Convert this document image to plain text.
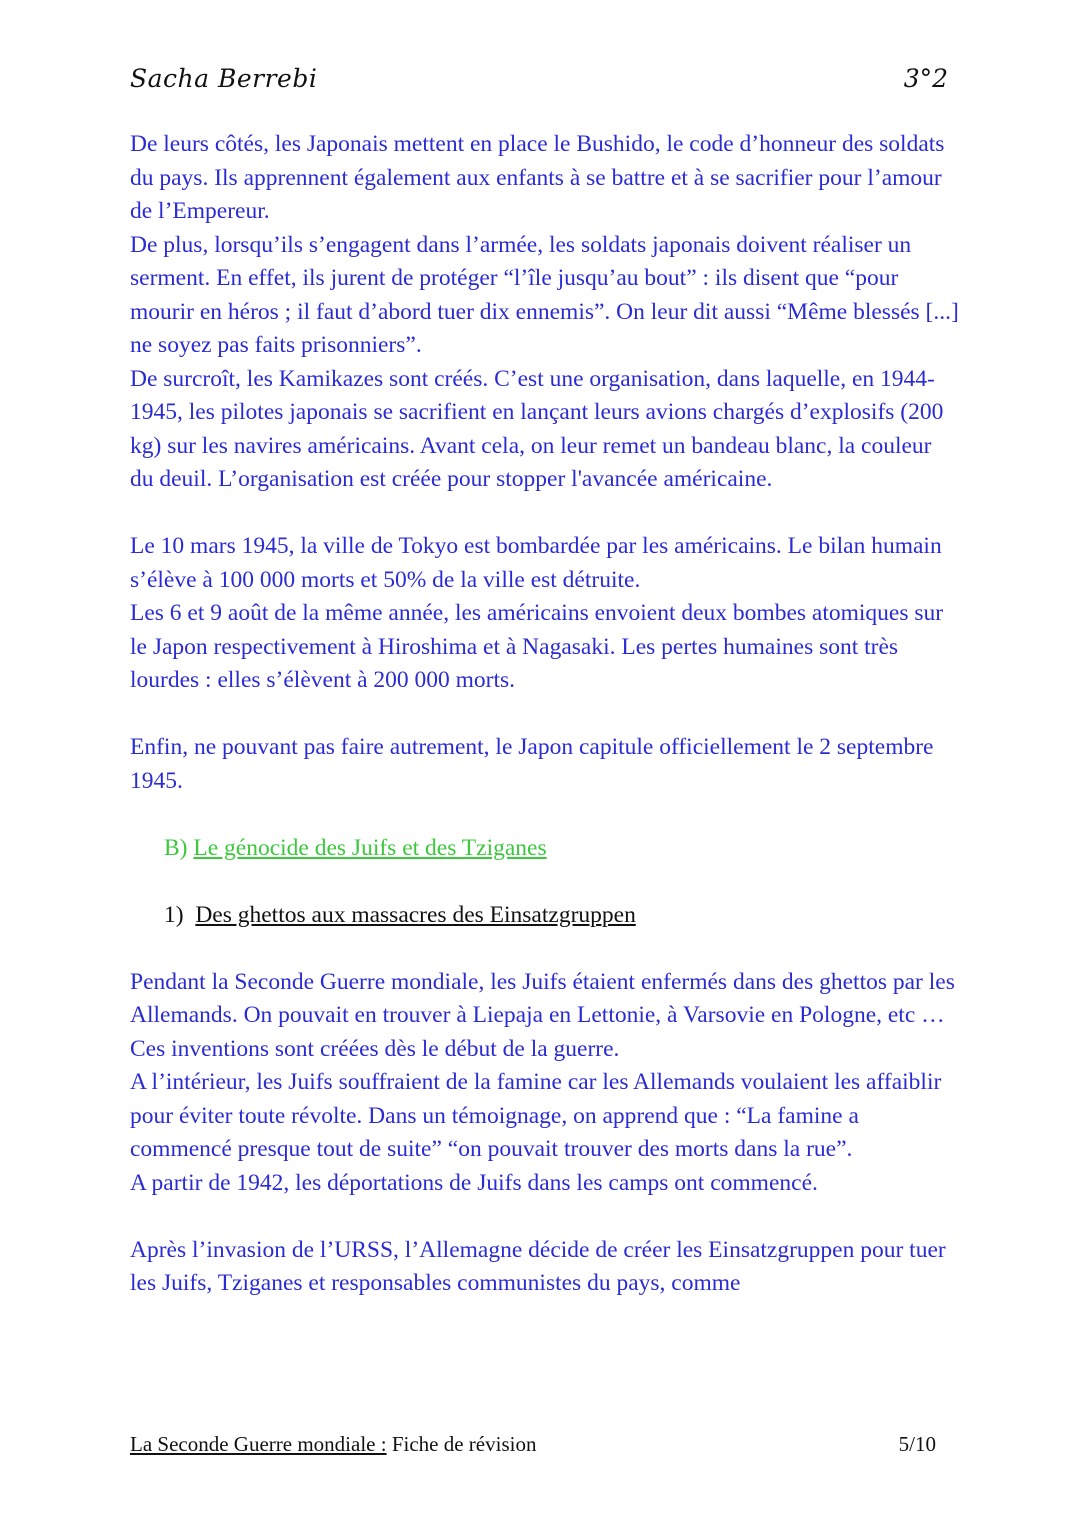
Sacha Berrebi	3°2

De leurs côtés, les Japonais mettent en place le Bushido, le code d’honneur des soldats du pays. Ils apprennent également aux enfants à se battre et à se sacrifier pour l’amour de l’Empereur.

De plus, lorsqu’ils s’engagent dans l’armée, les soldats japonais doivent réaliser un serment. En effet, ils jurent de protéger “l’île jusqu’au bout” : ils disent que “pour mourir en héros ; il faut d’abord tuer dix ennemis”. On leur dit aussi “Même blessés [...] ne soyez pas faits prisonniers”.

De surcroît, les Kamikazes sont créés. C’est une organisation, dans laquelle, en 1944-1945, les pilotes japonais se sacrifient en lançant leurs avions chargés d’explosifs (200 kg) sur les navires américains. Avant cela, on leur remet un bandeau blanc, la couleur du deuil. L’organisation est créée pour stopper l'avancée américaine.

Le 10 mars 1945, la ville de Tokyo est bombardée par les américains. Le bilan humain s’élève à 100 000 morts et 50% de la ville est détruite.

Les 6 et 9 août de la même année, les américains envoient deux bombes atomiques sur le Japon respectivement à Hiroshima et à Nagasaki. Les pertes humaines sont très lourdes : elles s’élèvent à 200 000 morts.

Enfin, ne pouvant pas faire autrement, le Japon capitule officiellement le 2 septembre 1945.

B) Le génocide des Juifs et des Tziganes

1) Des ghettos aux massacres des Einsatzgruppen

Pendant la Seconde Guerre mondiale, les Juifs étaient enfermés dans des ghettos par les Allemands. On pouvait en trouver à Liepaja en Lettonie, à Varsovie en Pologne, etc … Ces inventions sont créées dès le début de la guerre.

A l’intérieur, les Juifs souffraient de la famine car les Allemands voulaient les affaiblir pour éviter toute révolte. Dans un témoignage, on apprend que : “La famine a commencé presque tout de suite” “on pouvait trouver des morts dans la rue”.

A partir de 1942, les déportations de Juifs dans les camps ont commencé.

Après l’invasion de l’URSS, l’Allemagne décide de créer les Einsatzgruppen pour tuer les Juifs, Tziganes et responsables communistes du pays, comme

La Seconde Guerre mondiale : Fiche de révision	5/10
